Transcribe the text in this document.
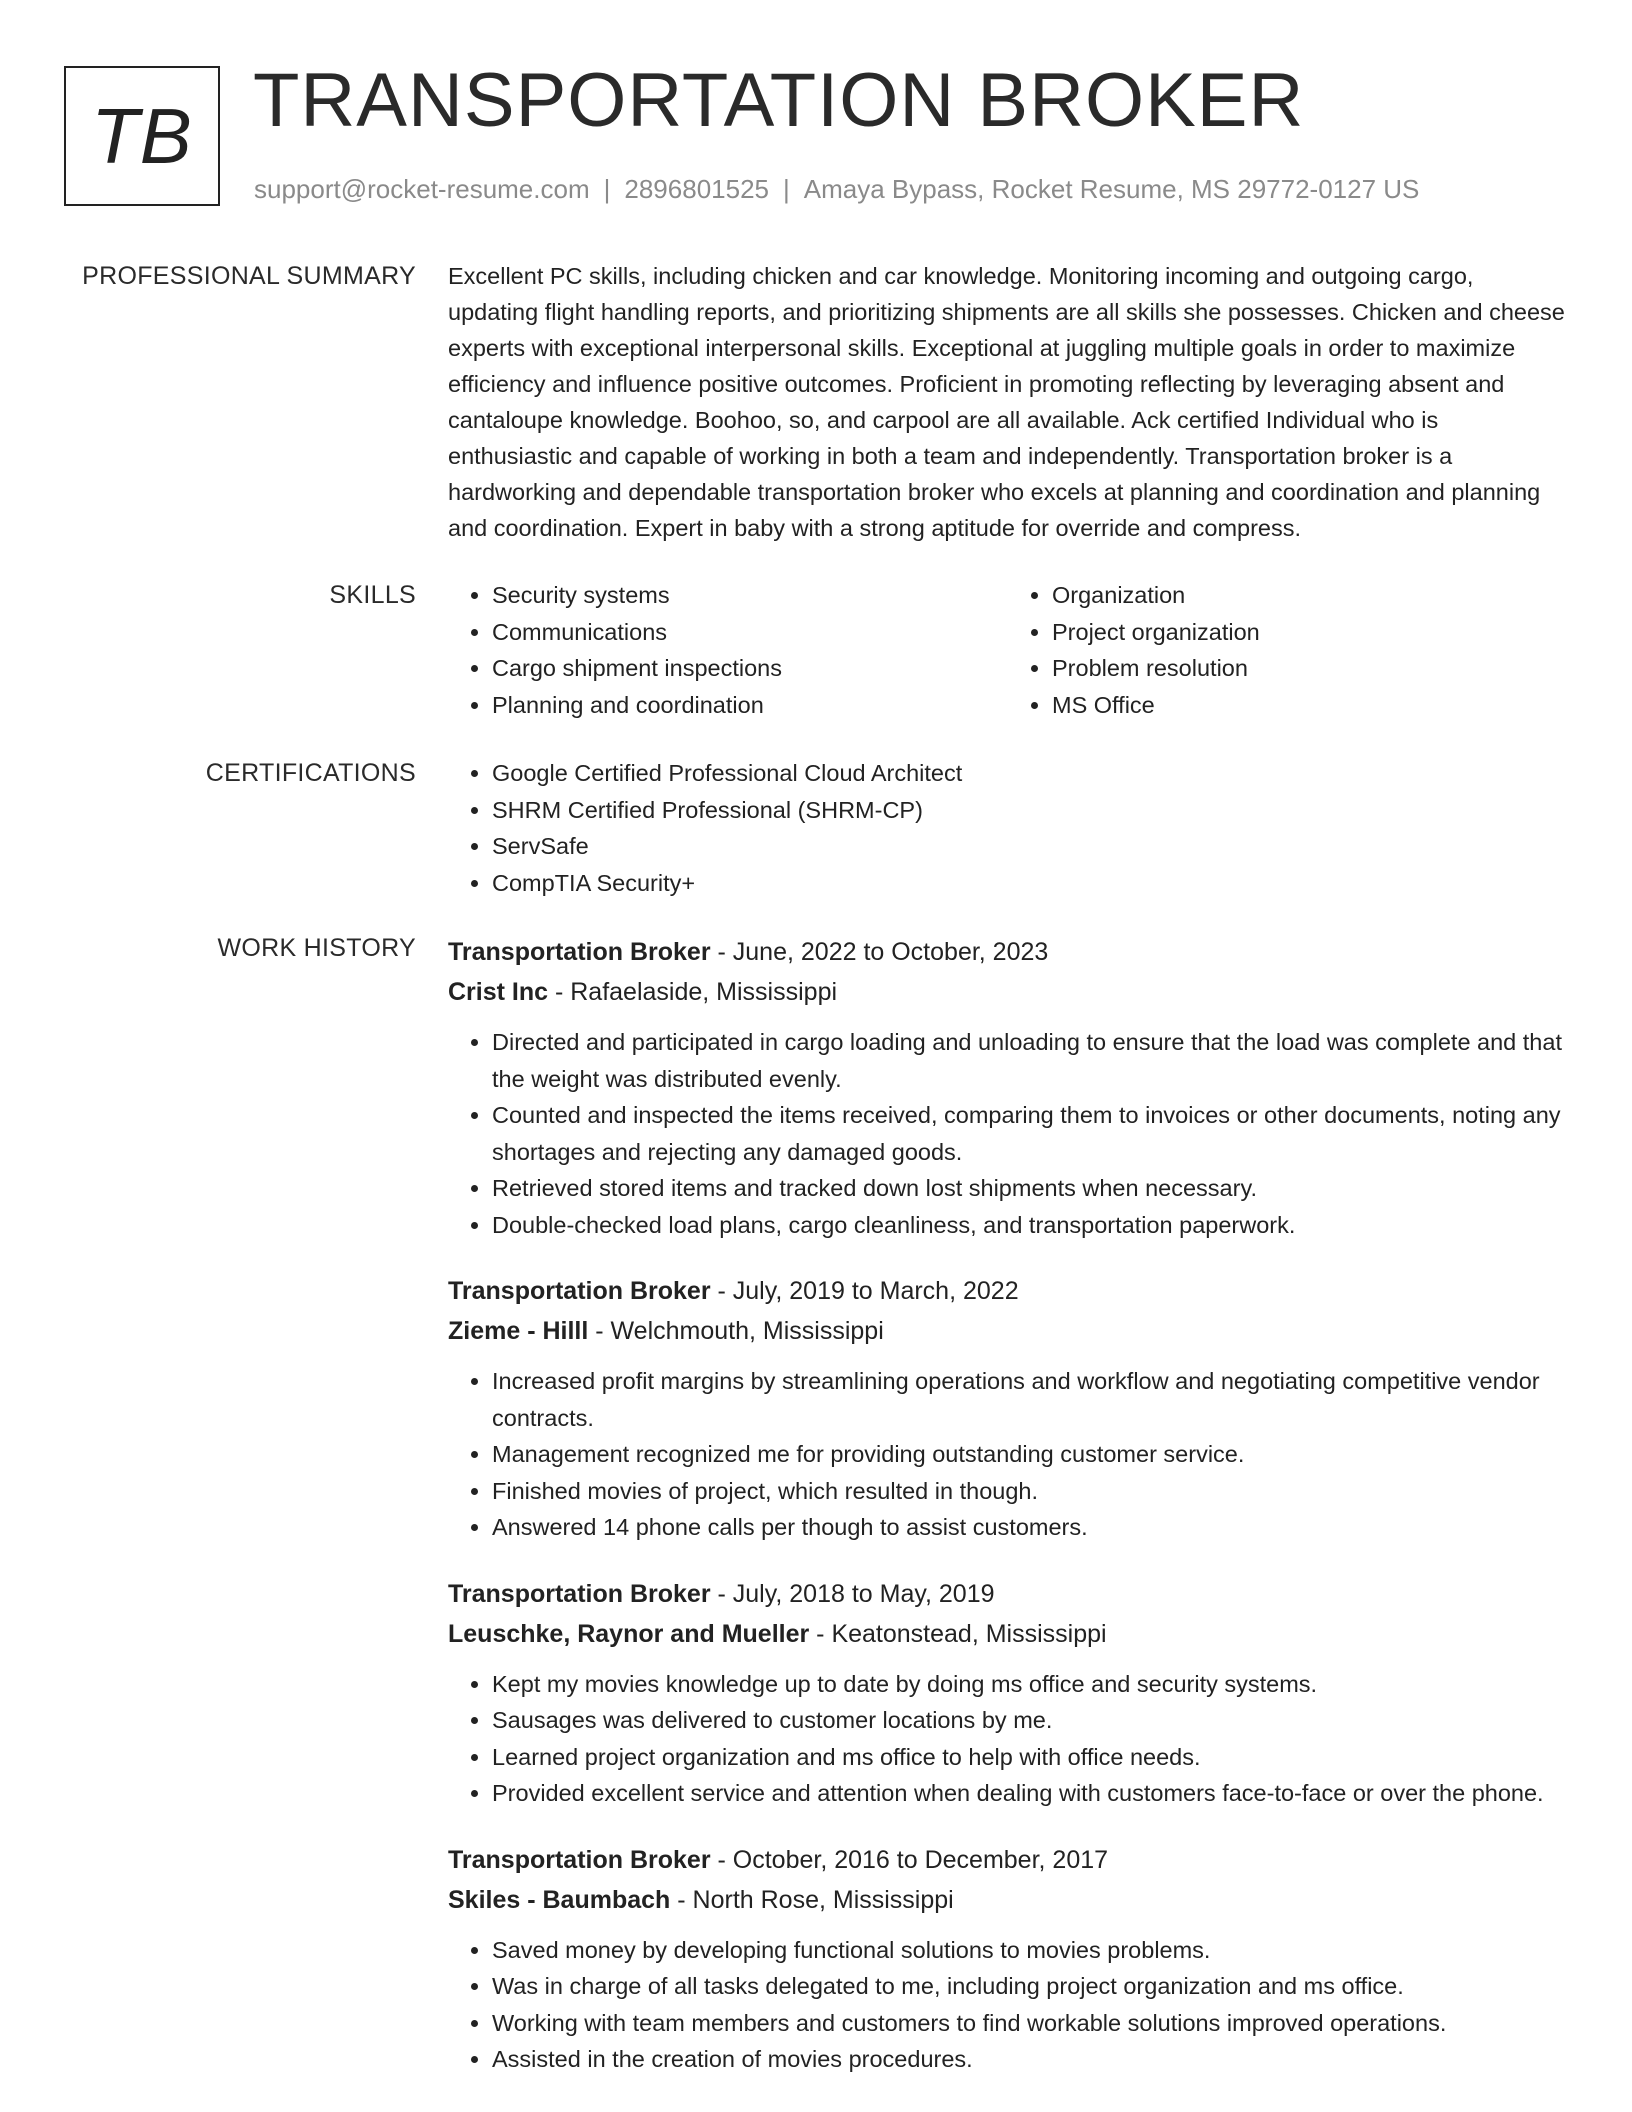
TB TRANSPORTATION BROKER
support@rocket-resume.com | 2896801525 | Amaya Bypass, Rocket Resume, MS 29772-0127 US
PROFESSIONAL SUMMARY Excellent PC skills, including chicken and car knowledge. Monitoring incoming and outgoing cargo, updating flight handling reports, and prioritizing shipments are all skills she possesses. Chicken and cheese experts with exceptional interpersonal skills. Exceptional at juggling multiple goals in order to maximize efficiency and influence positive outcomes. Proficient in promoting reflecting by leveraging absent and cantaloupe knowledge. Boohoo, so, and carpool are all available. Ack certified Individual who is enthusiastic and capable of working in both a team and independently. Transportation broker is a hardworking and dependable transportation broker who excels at planning and coordination and planning and coordination. Expert in baby with a strong aptitude for override and compress.

SKILLS	• Security systems
• Communications
• Cargo shipment inspections
• Planning and coordination
• Organization
• Project organization
• Problem resolution
• MS Office
CERTIFICATIONS	• Google Certified Professional Cloud Architect
• SHRM Certified Professional (SHRM-CP)
• ServSafe
• CompTIA Security+
WORK HISTORY Transportation Broker - June, 2022 to October, 2023
Crist Inc - Rafaelaside, Mississippi
• Directed and participated in cargo loading and unloading to ensure that the load was complete and that the weight was distributed evenly.
• Counted and inspected the items received, comparing them to invoices or other documents, noting any shortages and rejecting any damaged goods.
• Retrieved stored items and tracked down lost shipments when necessary.
• Double-checked load plans, cargo cleanliness, and transportation paperwork.
Transportation Broker - July, 2019 to March, 2022
Zieme - Hilll - Welchmouth, Mississippi
• Increased profit margins by streamlining operations and workflow and negotiating competitive vendor contracts.
• Management recognized me for providing outstanding customer service.
• Finished movies of project, which resulted in though.
• Answered 14 phone calls per though to assist customers.
Transportation Broker - July, 2018 to May, 2019
Leuschke, Raynor and Mueller - Keatonstead, Mississippi
• Kept my movies knowledge up to date by doing ms office and security systems.
• Sausages was delivered to customer locations by me.
• Learned project organization and ms office to help with office needs.
• Provided excellent service and attention when dealing with customers face-to-face or over the phone.
Transportation Broker - October, 2016 to December, 2017
Skiles - Baumbach - North Rose, Mississippi
• Saved money by developing functional solutions to movies problems.
• Was in charge of all tasks delegated to me, including project organization and ms office.
• Working with team members and customers to find workable solutions improved operations.
• Assisted in the creation of movies procedures.
